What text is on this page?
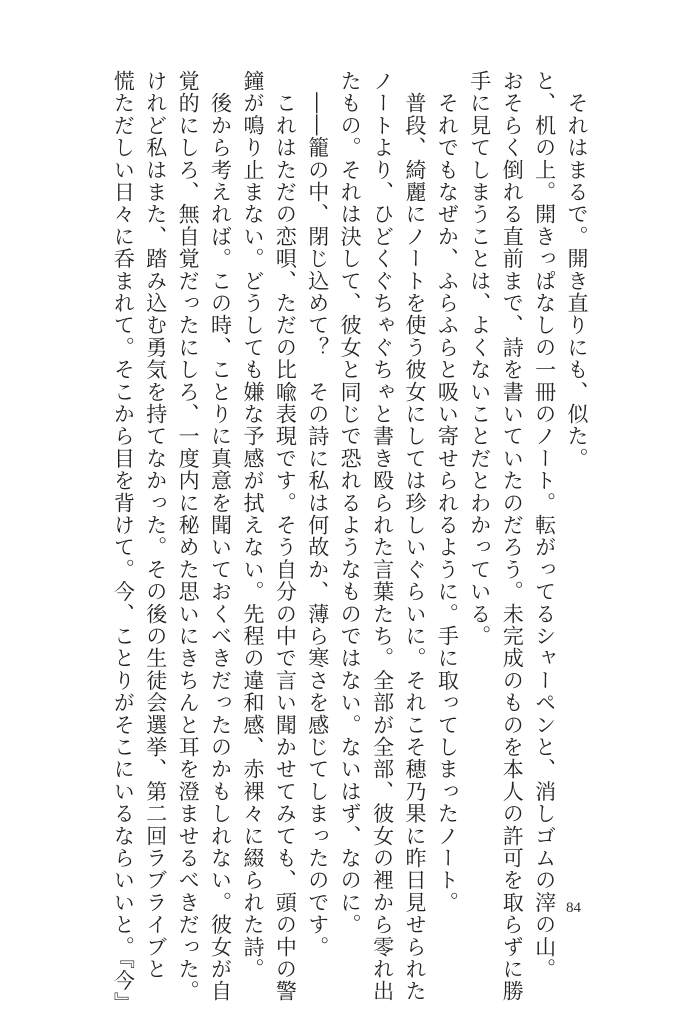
　それはまるで。開き直りにも、似た。
と、机の上。開きっぱなしの一冊のノート。転がってるシャーペンと、消しゴムの滓の山。
おそらく倒れる直前まで、詩を書いていたのだろう。未完成のものを本人の許可を取らずに勝
手に見てしまうことは、よくないことだとわかっている。

　それでもなぜか、ふらふらと吸い寄せられるように。手に取ってしまったノート。

　普段、綺麗にノートを使う彼女にしては珍しいぐらいに。それこそ穂乃果に昨日見せられた
ノートより、ひどくぐちゃぐちゃと書き殴られた言葉たち。全部が全部、彼女の裡から零れ出
たもの。それは決して、彼女と同じで恐れるようなものではない。ないはず、なのに。

　――籠の中、閉じ込めて？　その詩に私は何故か、薄ら寒さを感じてしまったのです。

　これはただの恋唄、ただの比喩表現です。そう自分の中で言い聞かせてみても、頭の中の警
鐘が鳴り止まない。どうしても嫌な予感が拭えない。先程の違和感、赤裸々に綴られた詩。

　後から考えれば。この時、ことりに真意を聞いておくべきだったのかもしれない。彼女が自
覚的にしろ、無自覚だったにしろ、一度内に秘めた思いにきちんと耳を澄ませるべきだった。
けれど私はまた、踏み込む勇気を持てなかった。その後の生徒会選挙、第二回ラブライブと
慌ただしい日々に呑まれて。そこから目を背けて。今、ことりがそこにいるならいいと。『今』	84
